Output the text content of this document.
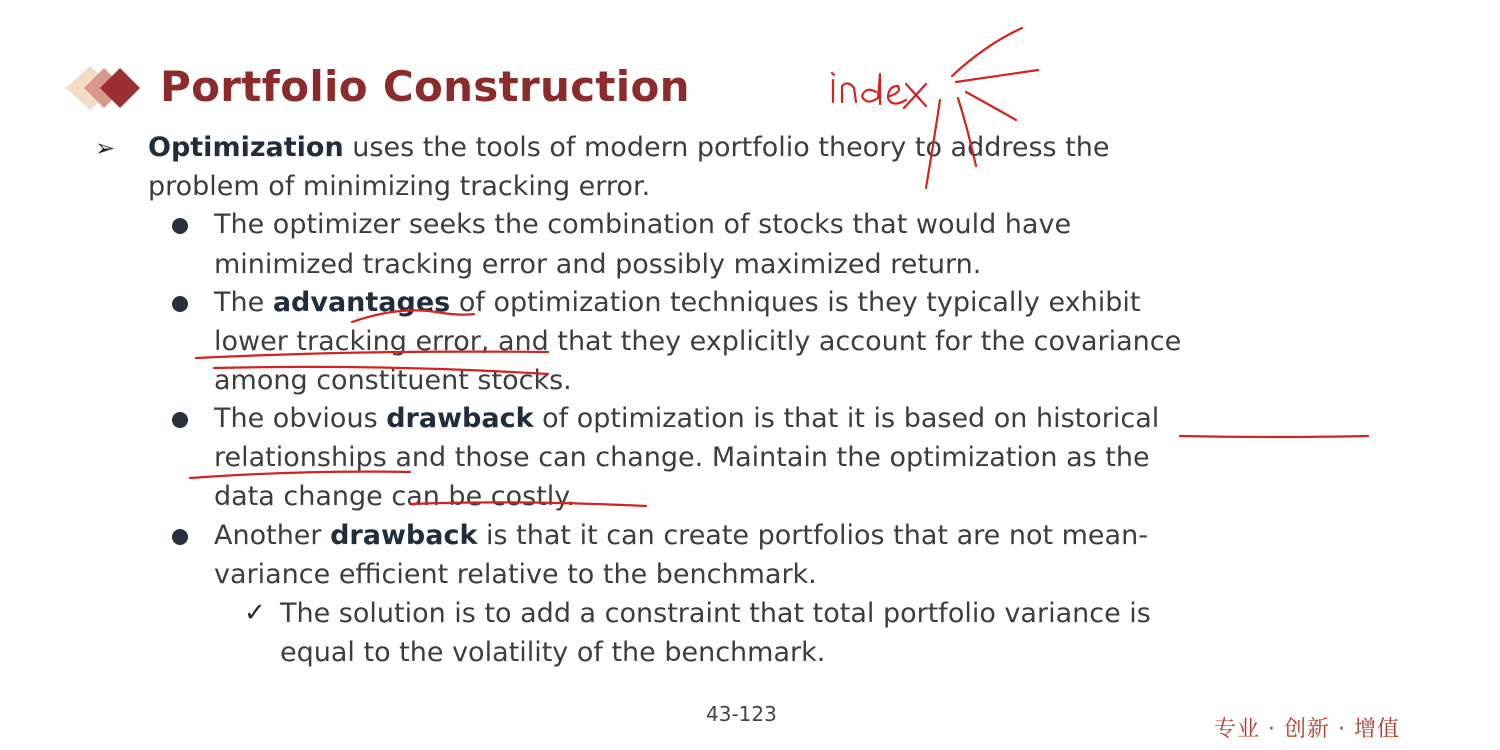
Portfolio Construction
➢ Optimization uses the tools of modern portfolio theory to address the
problem of minimizing tracking error.
The optimizer seeks the combination of stocks that would have
minimized tracking error and possibly maximized return.
The advantages of optimization techniques is they typically exhibit
lower tracking error, and that they explicitly account for the covariance
among constituent stocks.
The obvious drawback of optimization is that it is based on historical
relationships and those can change. Maintain the optimization as the
data change can be costly.
Another drawback is that it can create portfolios that are not mean-
variance efficient relative to the benchmark.
✓ The solution is to add a constraint that total portfolio variance is
equal to the volatility of the benchmark.
43-123
专业 · 创新 · 增值
